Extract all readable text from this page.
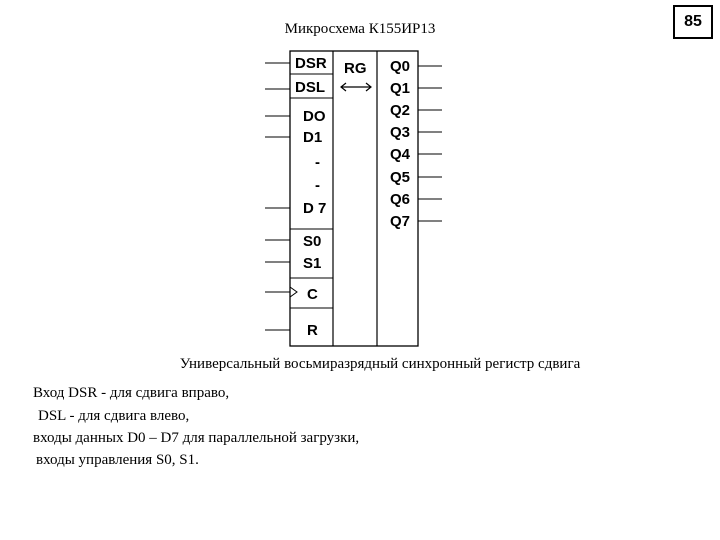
Микросхема К155ИР13	85
DSR
DSL
DO
D1
-
-
D 7
S0
S1
C
R
RG Q0
Q1
Q2
Q3
Q4
Q5
Q6
Q7
Универсальный восьмиразрядный синхронный регистр сдвига
Вход DSR - для сдвига вправо,
DSL - для сдвига влево,
входы данных D0 – D7 для параллельной загрузки,
входы управления S0, S1.
